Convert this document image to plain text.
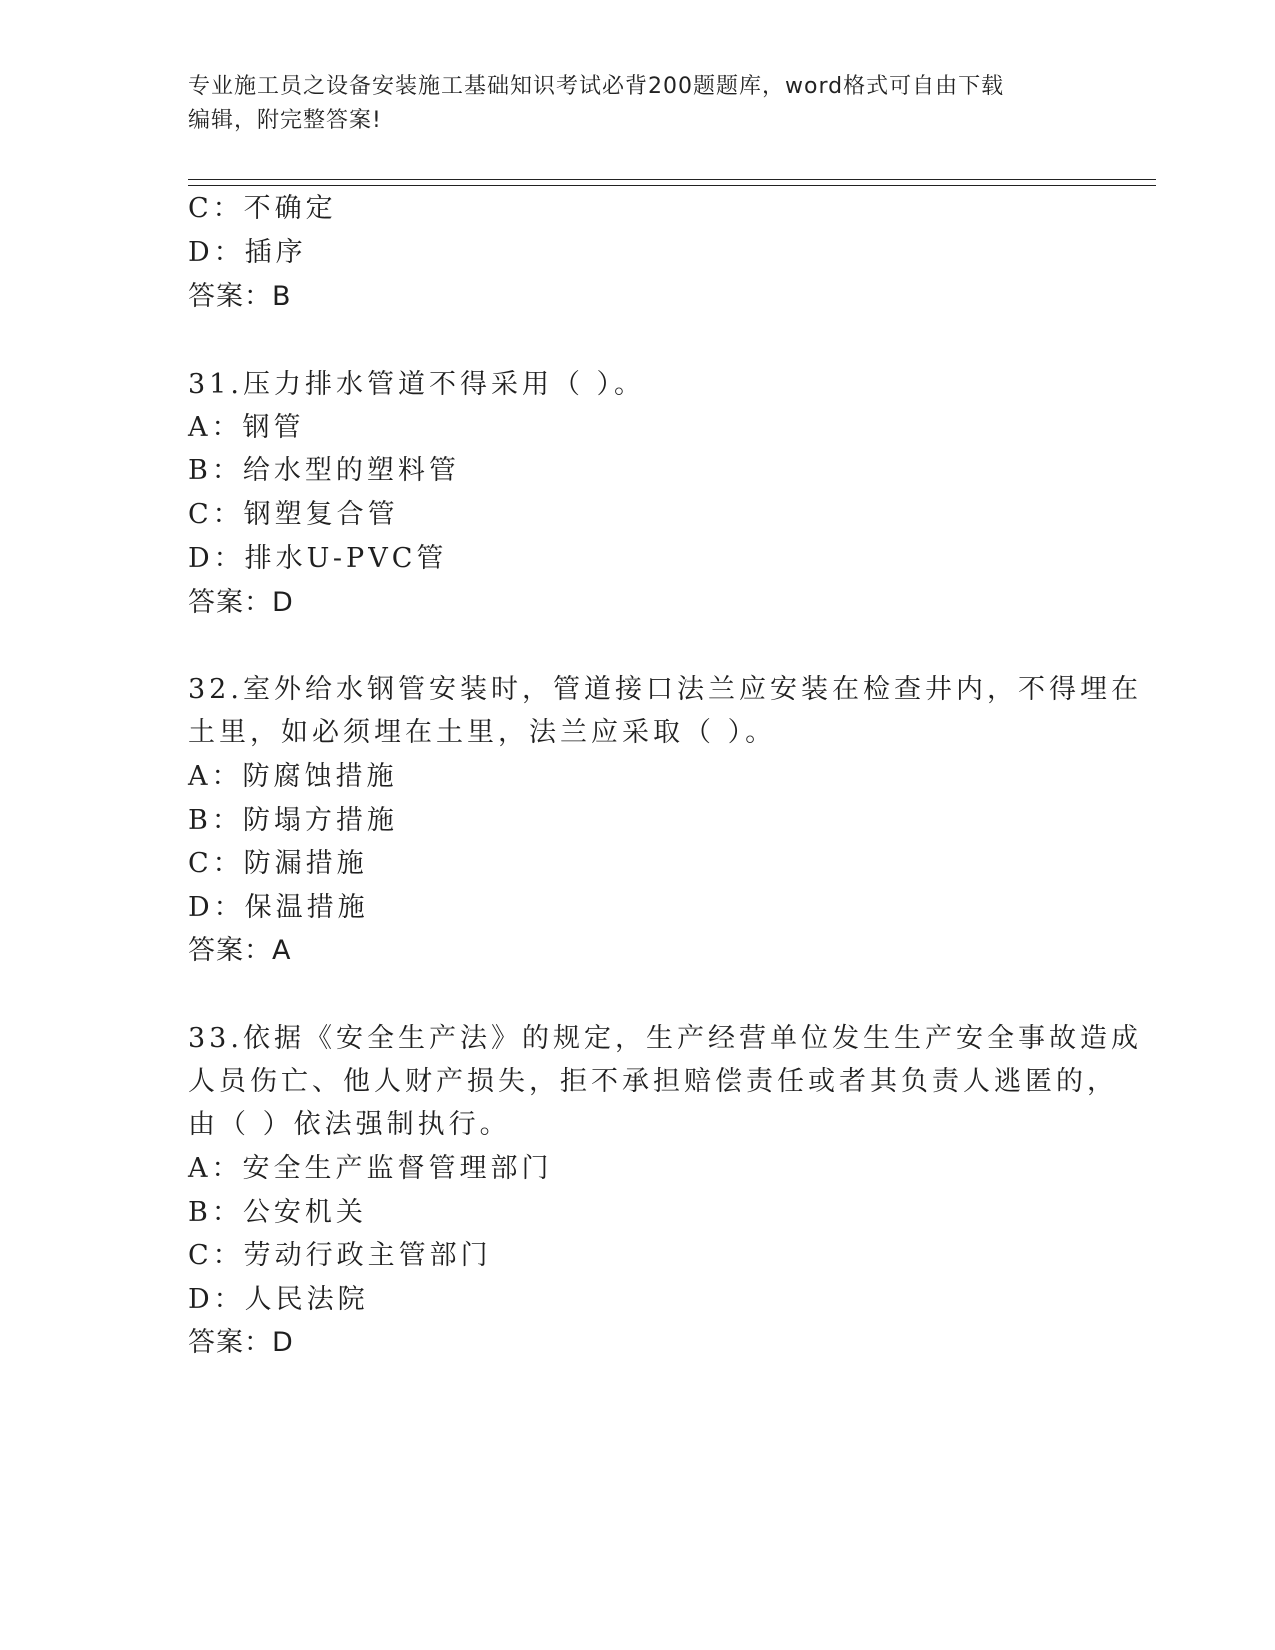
专业施工员之设备安装施工基础知识考试必背200题题库，word格式可自由下载
编辑，附完整答案!
C：不确定
D：插序
答案：B
31.压力排水管道不得采用（ ）。
A：钢管
B：给水型的塑料管
C：钢塑复合管
D：排水U-PVC管
答案：D
32.室外给水钢管安装时，管道接口法兰应安装在检查井内，不得埋在
土里，如必须埋在土里，法兰应采取（ ）。
A：防腐蚀措施
B：防塌方措施
C：防漏措施
D：保温措施
答案：A
33.依据《安全生产法》的规定，生产经营单位发生生产安全事故造成
人员伤亡、他人财产损失，拒不承担赔偿责任或者其负责人逃匿的，
由（ ）依法强制执行。
A：安全生产监督管理部门
B：公安机关
C：劳动行政主管部门
D：人民法院
答案：D
